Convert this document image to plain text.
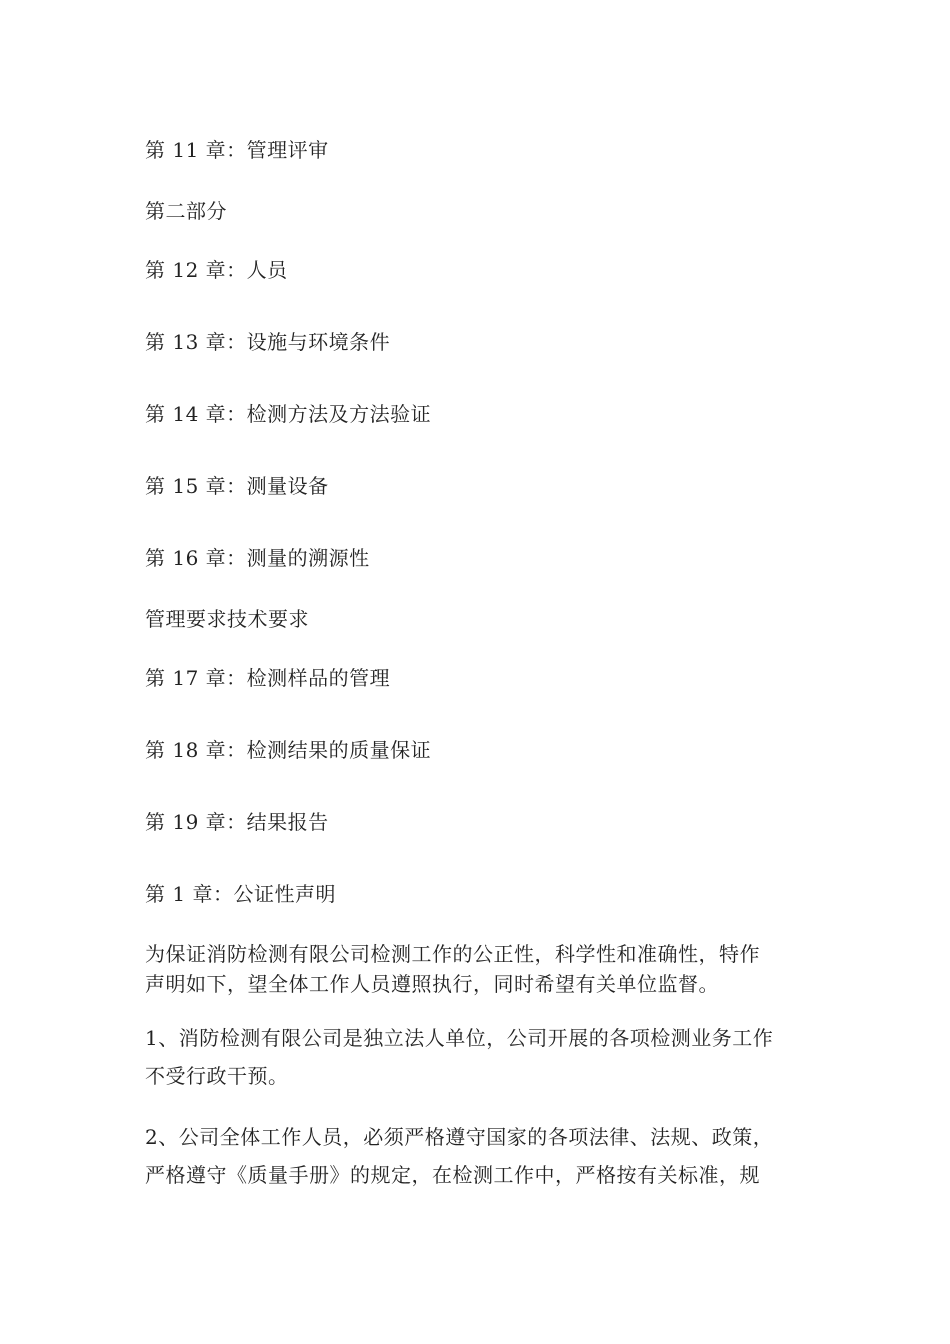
第 11 章：管理评审
第二部分
第 12 章：人员
第 13 章：设施与环境条件
第 14 章：检测方法及方法验证
第 15 章：测量设备
第 16 章：测量的溯源性
管理要求技术要求
第 17 章：检测样品的管理
第 18 章：检测结果的质量保证
第 19 章：结果报告
第 1 章：公证性声明
为保证消防检测有限公司检测工作的公正性，科学性和准确性，特作
声明如下，望全体工作人员遵照执行，同时希望有关单位监督。
1、消防检测有限公司是独立法人单位，公司开展的各项检测业务工作
不受行政干预。
2、公司全体工作人员，必须严格遵守国家的各项法律、法规、政策，
严格遵守《质量手册》的规定，在检测工作中，严格按有关标准，规
